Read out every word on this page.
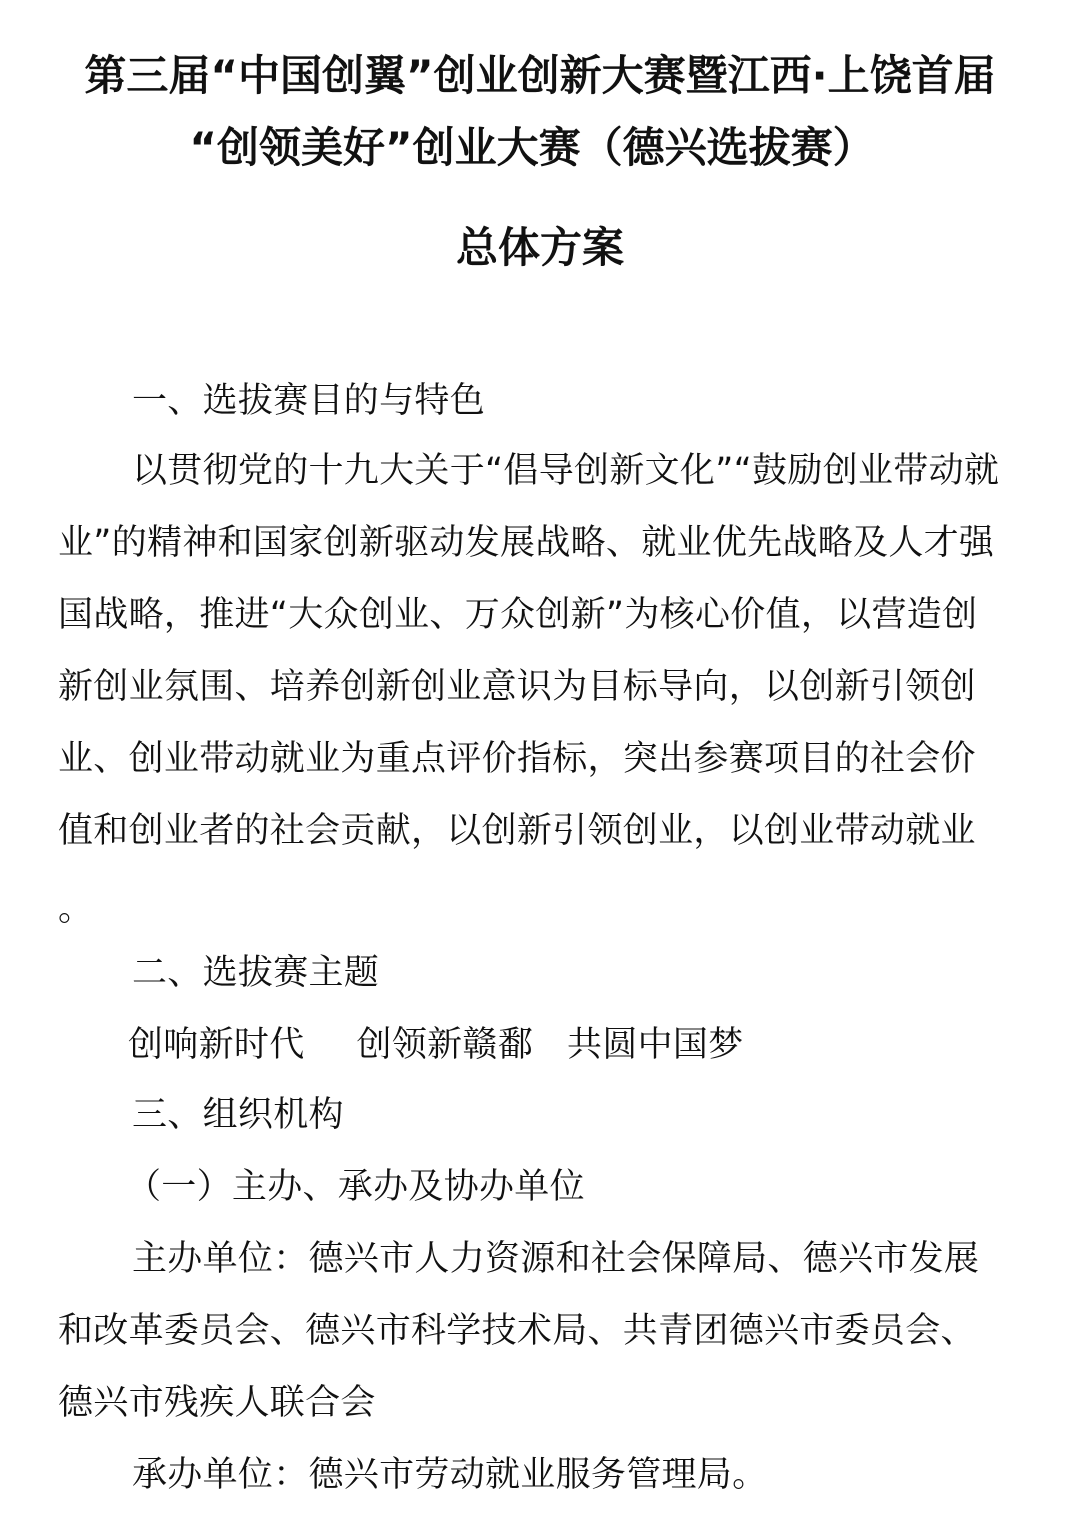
第三届“中国创翼”创业创新大赛暨江西·上饶首届
“创领美好”创业大赛（德兴选拔赛）
总体方案
一、选拔赛目的与特色
以贯彻党的十九大关于“倡导创新文化”“鼓励创业带动就
业”的精神和国家创新驱动发展战略、就业优先战略及人才强
国战略，推进“大众创业、万众创新”为核心价值，以营造创
新创业氛围、培养创新创业意识为目标导向，以创新引领创
业、创业带动就业为重点评价指标，突出参赛项目的社会价
值和创业者的社会贡献，以创新引领创业，以创业带动就业
。
二、选拔赛主题
创响新时代 创领新赣鄱 共圆中国梦
三、组织机构
（一）主办、承办及协办单位
主办单位：德兴市人力资源和社会保障局、德兴市发展
和改革委员会、德兴市科学技术局、共青团德兴市委员会、
德兴市残疾人联合会
承办单位：德兴市劳动就业服务管理局。
